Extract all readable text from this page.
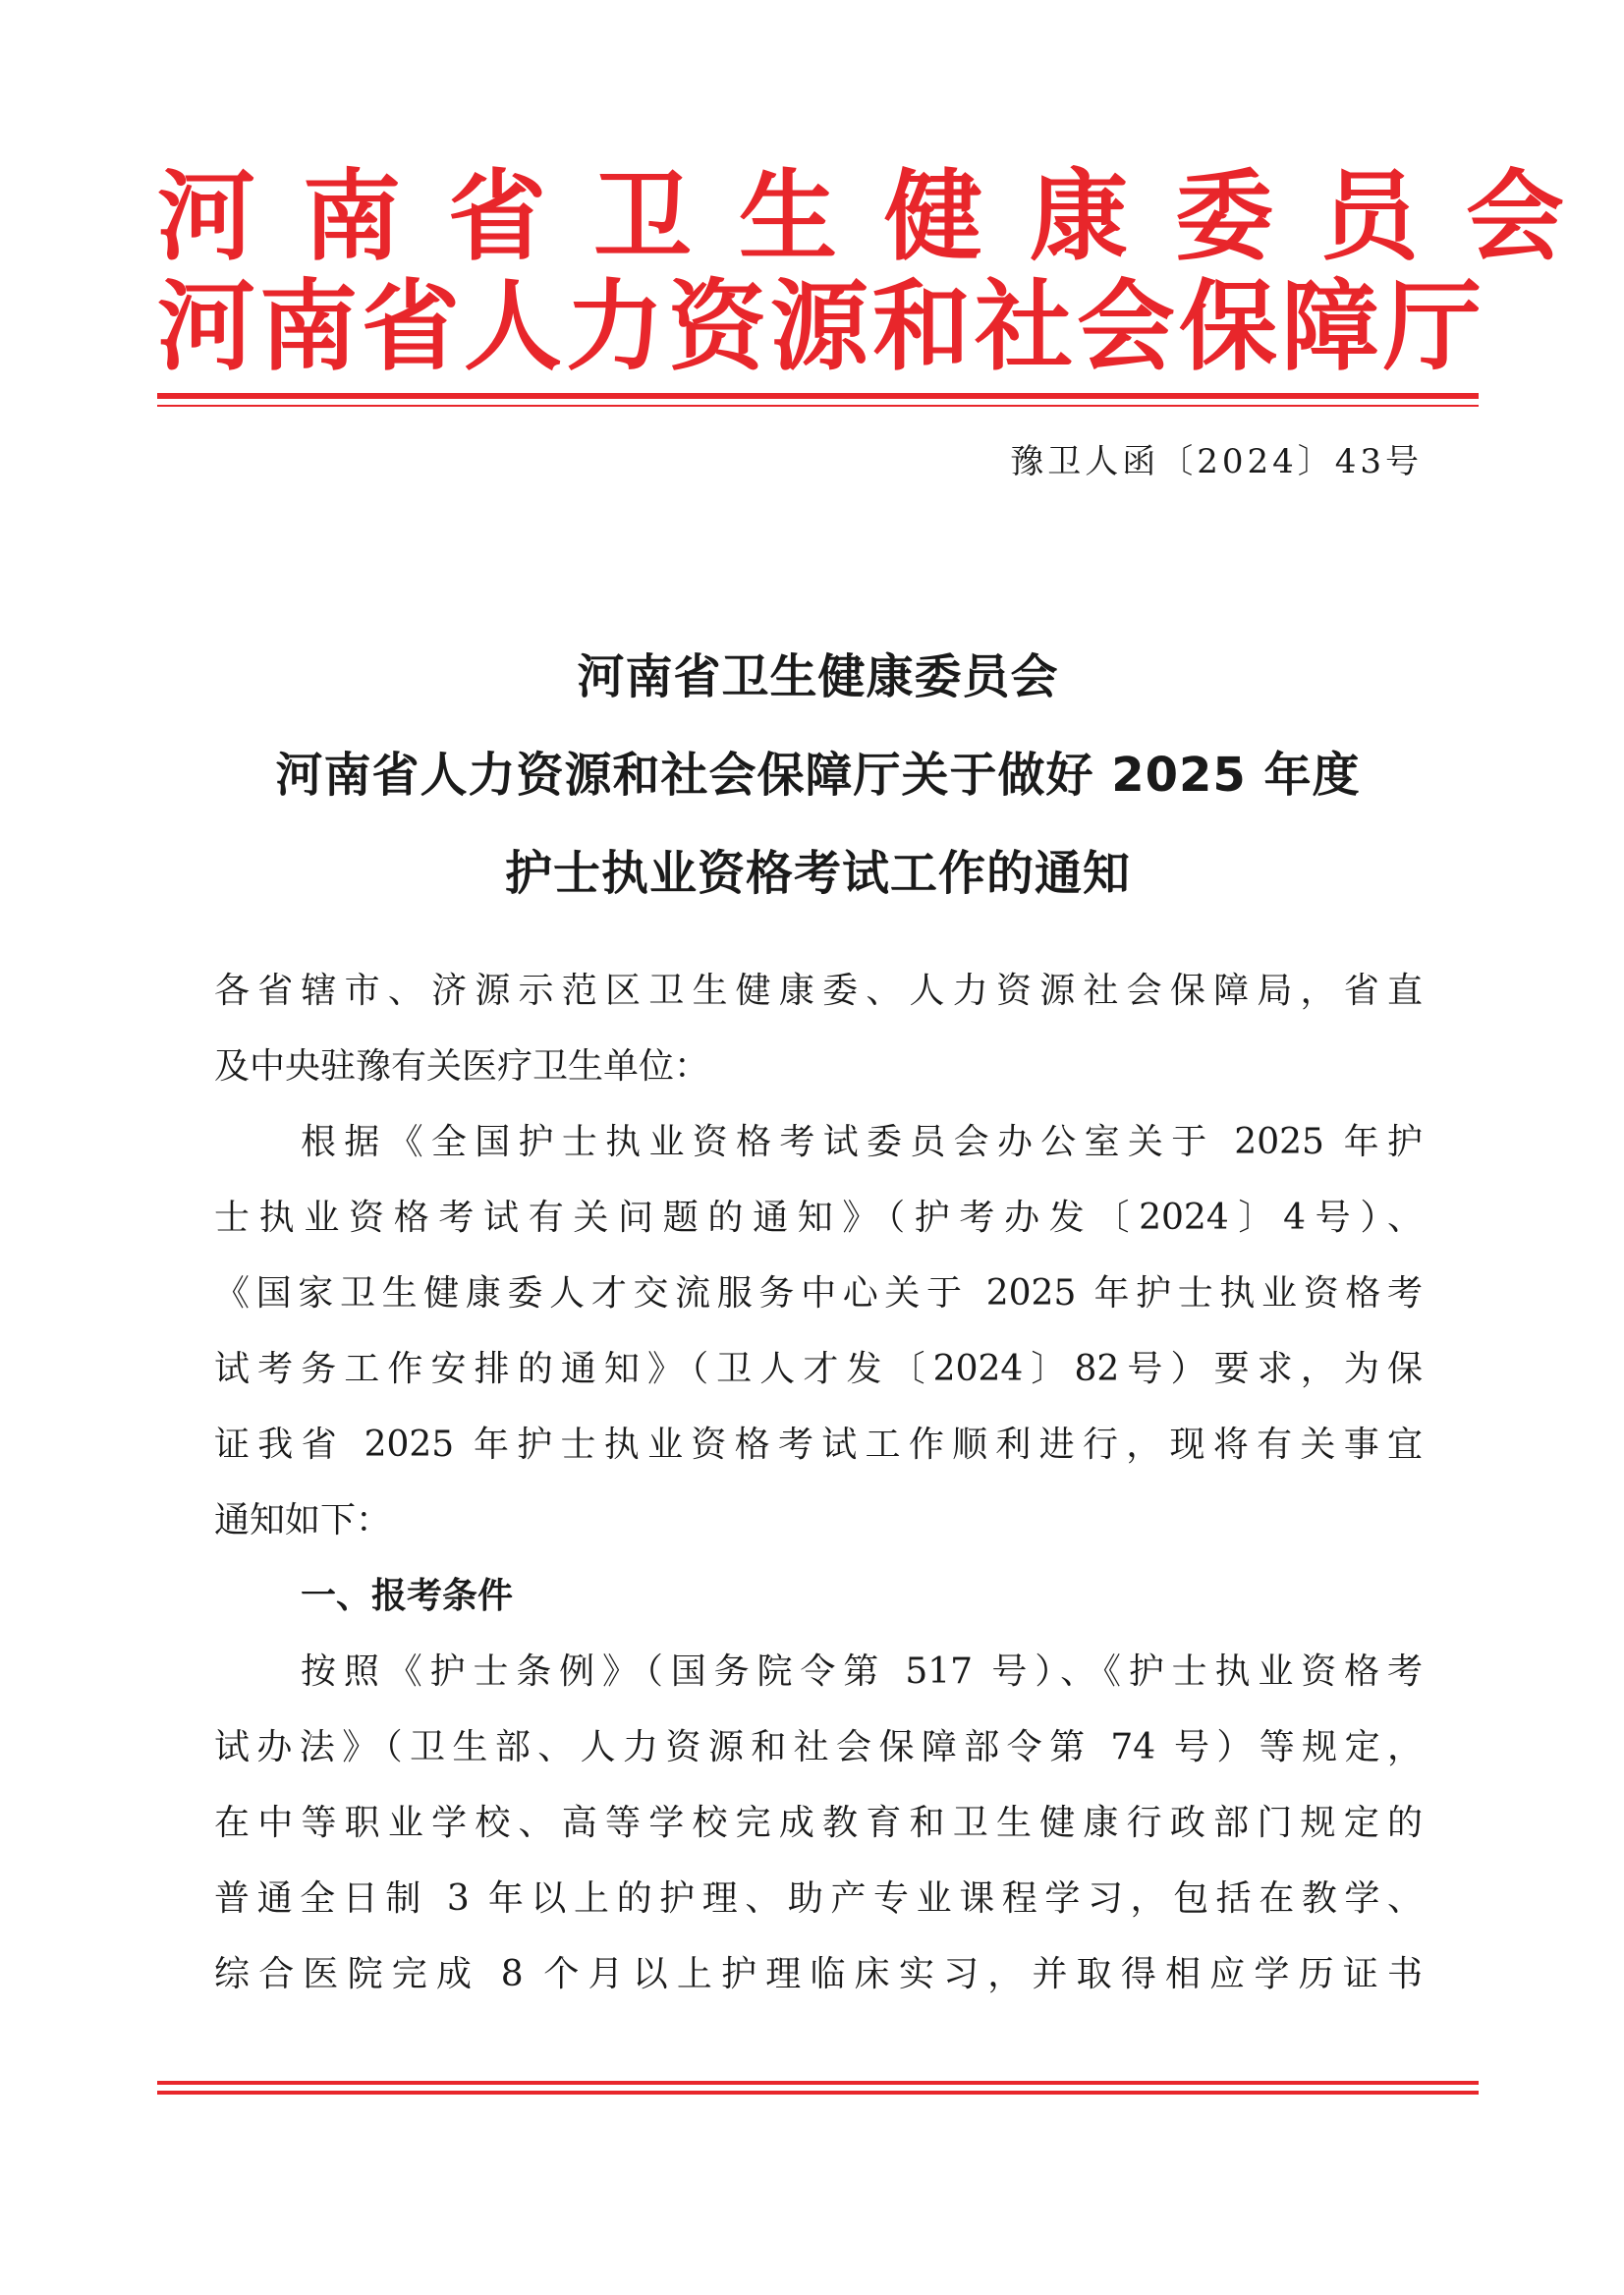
河南省卫生健康委员会
河南省人力资源和社会保障厅
豫卫人函〔2024〕43号
河南省卫生健康委员会
河南省人力资源和社会保障厅关于做好 2025 年度
护士执业资格考试工作的通知
各省辖市、济源示范区卫生健康委、人力资源社会保障局，省直
及中央驻豫有关医疗卫生单位：
根据《全国护士执业资格考试委员会办公室关于 2025 年护
士执业资格考试有关问题的通知》（护考办发〔2024〕4号）、
《国家卫生健康委人才交流服务中心关于 2025 年护士执业资格考
试考务工作安排的通知》（卫人才发〔2024〕82号）要求，为保
证我省 2025 年护士执业资格考试工作顺利进行，现将有关事宜
通知如下：
一、报考条件
按照《护士条例》（国务院令第 517 号）、《护士执业资格考
试办法》（卫生部、人力资源和社会保障部令第 74 号）等规定，
在中等职业学校、高等学校完成教育和卫生健康行政部门规定的
普通全日制 3 年以上的护理、助产专业课程学习，包括在教学、
综合医院完成 8 个月以上护理临床实习，并取得相应学历证书
